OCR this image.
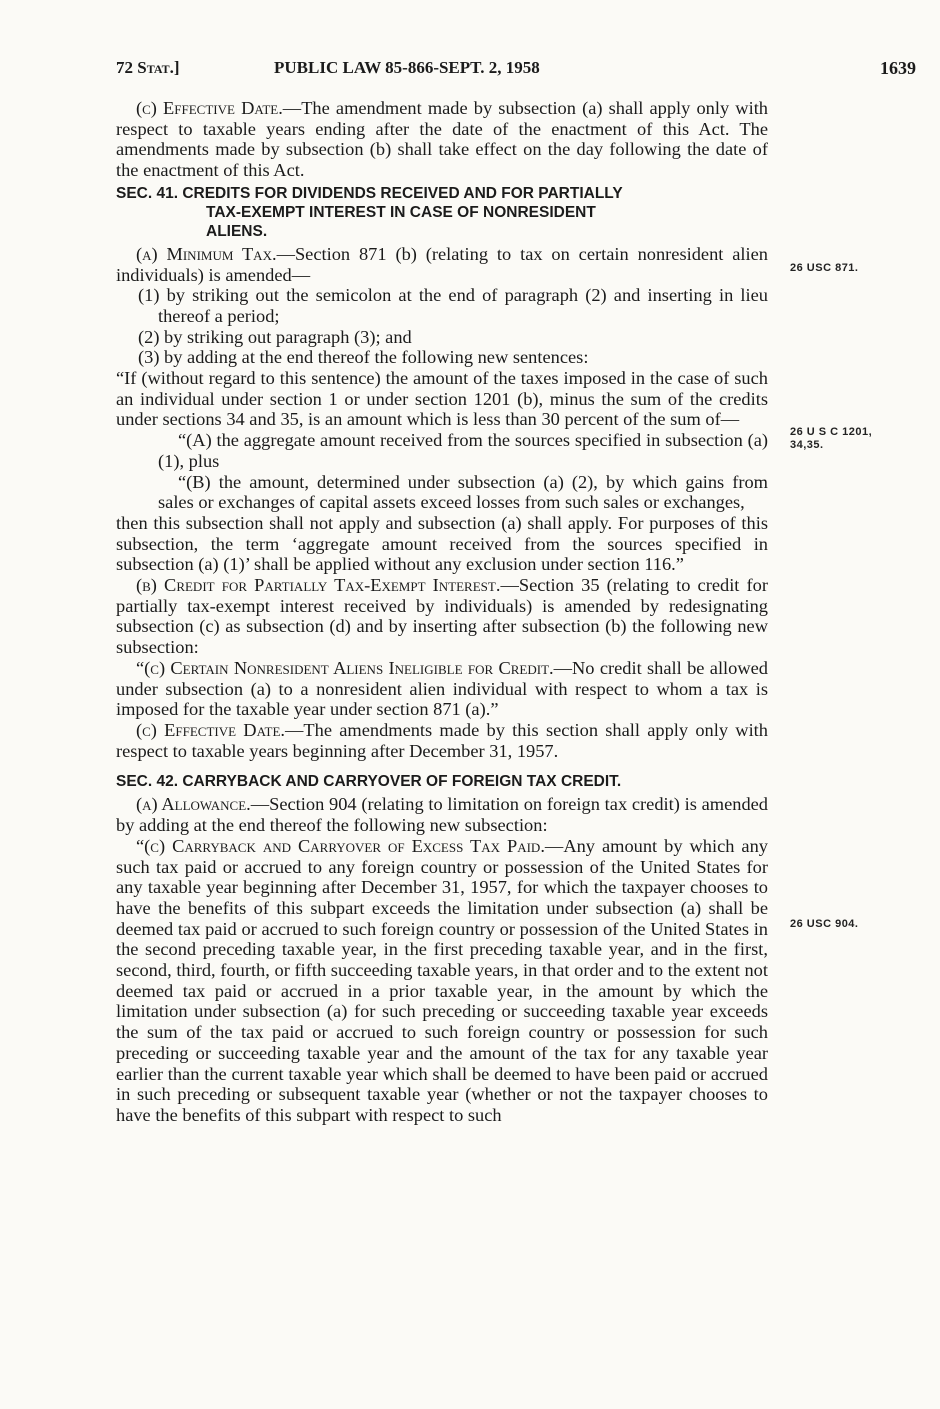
72 Stat.]	PUBLIC LAW 85-866-SEPT. 2, 1958	1639
26 USC 871.
26 U S C 1201,
34,35.
26 USC 904.

(c) Effective Date.—The amendment made by subsection (a) shall apply only with respect to taxable years ending after the date of the enactment of this Act. The amendments made by subsection (b) shall take effect on the day following the date of the enactment of this Act.

SEC. 41. CREDITS FOR DIVIDENDS RECEIVED AND FOR PARTIALLY
TAX-EXEMPT INTEREST IN CASE OF NONRESIDENT
ALIENS.

(a) Minimum Tax.—Section 871 (b) (relating to tax on certain nonresident alien individuals) is amended—

(1) by striking out the semicolon at the end of paragraph (2) and inserting in lieu thereof a period;

(2) by striking out paragraph (3); and

(3) by adding at the end thereof the following new sentences:

“If (without regard to this sentence) the amount of the taxes imposed in the case of such an individual under section 1 or under section 1201 (b), minus the sum of the credits under sections 34 and 35, is an amount which is less than 30 percent of the sum of—

“(A) the aggregate amount received from the sources specified in subsection (a) (1), plus

“(B) the amount, determined under subsection (a) (2), by which gains from sales or exchanges of capital assets exceed losses from such sales or exchanges,

then this subsection shall not apply and subsection (a) shall apply. For purposes of this subsection, the term ‘aggregate amount received from the sources specified in subsection (a) (1)’ shall be applied without any exclusion under section 116.”

(b) Credit for Partially Tax-Exempt Interest.—Section 35 (relating to credit for partially tax-exempt interest received by individuals) is amended by redesignating subsection (c) as subsection (d) and by inserting after subsection (b) the following new subsection:

“(c) Certain Nonresident Aliens Ineligible for Credit.—No credit shall be allowed under subsection (a) to a nonresident alien individual with respect to whom a tax is imposed for the taxable year under section 871 (a).”

(c) Effective Date.—The amendments made by this section shall apply only with respect to taxable years beginning after December 31, 1957.

SEC. 42. CARRYBACK AND CARRYOVER OF FOREIGN TAX CREDIT.

(a) Allowance.—Section 904 (relating to limitation on foreign tax credit) is amended by adding at the end thereof the following new subsection:

“(c) Carryback and Carryover of Excess Tax Paid.—Any amount by which any such tax paid or accrued to any foreign country or possession of the United States for any taxable year beginning after December 31, 1957, for which the taxpayer chooses to have the benefits of this subpart exceeds the limitation under subsection (a) shall be deemed tax paid or accrued to such foreign country or possession of the United States in the second preceding taxable year, in the first preceding taxable year, and in the first, second, third, fourth, or fifth succeeding taxable years, in that order and to the extent not deemed tax paid or accrued in a prior taxable year, in the amount by which the limitation under subsection (a) for such preceding or succeeding taxable year exceeds the sum of the tax paid or accrued to such foreign country or possession for such preceding or succeeding taxable year and the amount of the tax for any taxable year earlier than the current taxable year which shall be deemed to have been paid or accrued in such preceding or subsequent taxable year (whether or not the taxpayer chooses to have the benefits of this subpart with respect to such
